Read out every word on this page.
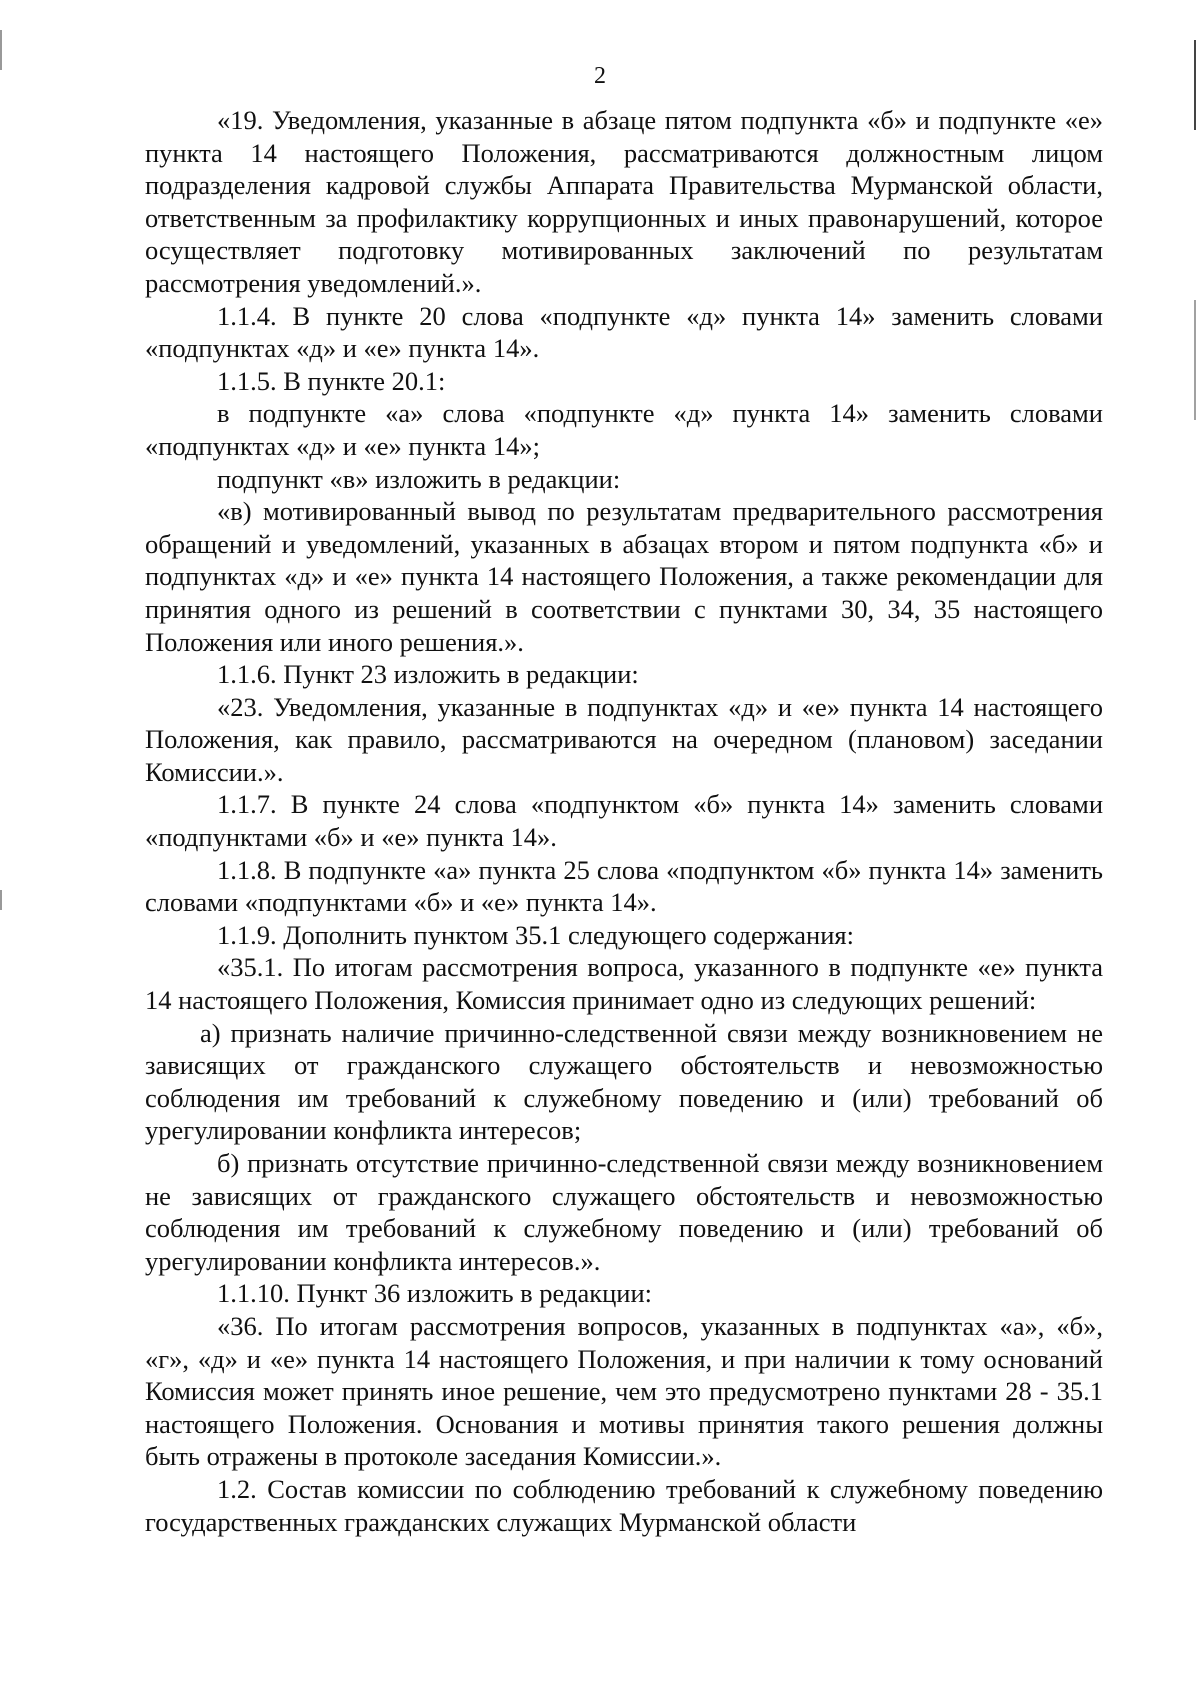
2

«19. Уведомления, указанные в абзаце пятом подпункта «б» и подпункте «е» пункта 14 настоящего Положения, рассматриваются должностным лицом подразделения кадровой службы Аппарата Правительства Мурманской области, ответственным за профилактику коррупционных и иных правонарушений, которое осуществляет подготовку мотивированных заключений по результатам рассмотрения уведомлений.».

1.1.4. В пункте 20 слова «подпункте «д» пункта 14» заменить словами «подпунктах «д» и «е» пункта 14».

1.1.5. В пункте 20.1:

в подпункте «а» слова «подпункте «д» пункта 14» заменить словами «подпунктах «д» и «е» пункта 14»;

подпункт «в» изложить в редакции:

«в) мотивированный вывод по результатам предварительного рассмотрения обращений и уведомлений, указанных в абзацах втором и пятом подпункта «б» и подпунктах «д» и «е» пункта 14 настоящего Положения, а также рекомендации для принятия одного из решений в соответствии с пунктами 30, 34, 35 настоящего Положения или иного решения.».

1.1.6. Пункт 23 изложить в редакции:

«23. Уведомления, указанные в подпунктах «д» и «е» пункта 14 настоящего Положения, как правило, рассматриваются на очередном (плановом) заседании Комиссии.».

1.1.7. В пункте 24 слова «подпунктом «б» пункта 14» заменить словами «подпунктами «б» и «е» пункта 14».

1.1.8. В подпункте «а» пункта 25 слова «подпунктом «б» пункта 14» заменить словами «подпунктами «б» и «е» пункта 14».

1.1.9. Дополнить пунктом 35.1 следующего содержания:

«35.1. По итогам рассмотрения вопроса, указанного в подпункте «е» пункта 14 настоящего Положения, Комиссия принимает одно из следующих решений:

а) признать наличие причинно-следственной связи между возникновением не зависящих от гражданского служащего обстоятельств и невозможностью соблюдения им требований к служебному поведению и (или) требований об урегулировании конфликта интересов;

б) признать отсутствие причинно-следственной связи между возникновением не зависящих от гражданского служащего обстоятельств и невозможностью соблюдения им требований к служебному поведению и (или) требований об урегулировании конфликта интересов.».

1.1.10. Пункт 36 изложить в редакции:

«36. По итогам рассмотрения вопросов, указанных в подпунктах «а», «б», «г», «д» и «е» пункта 14 настоящего Положения, и при наличии к тому оснований Комиссия может принять иное решение, чем это предусмотрено пунктами 28 - 35.1 настоящего Положения. Основания и мотивы принятия такого решения должны быть отражены в протоколе заседания Комиссии.».

1.2. Состав комиссии по соблюдению требований к служебному поведению государственных гражданских служащих Мурманской области
